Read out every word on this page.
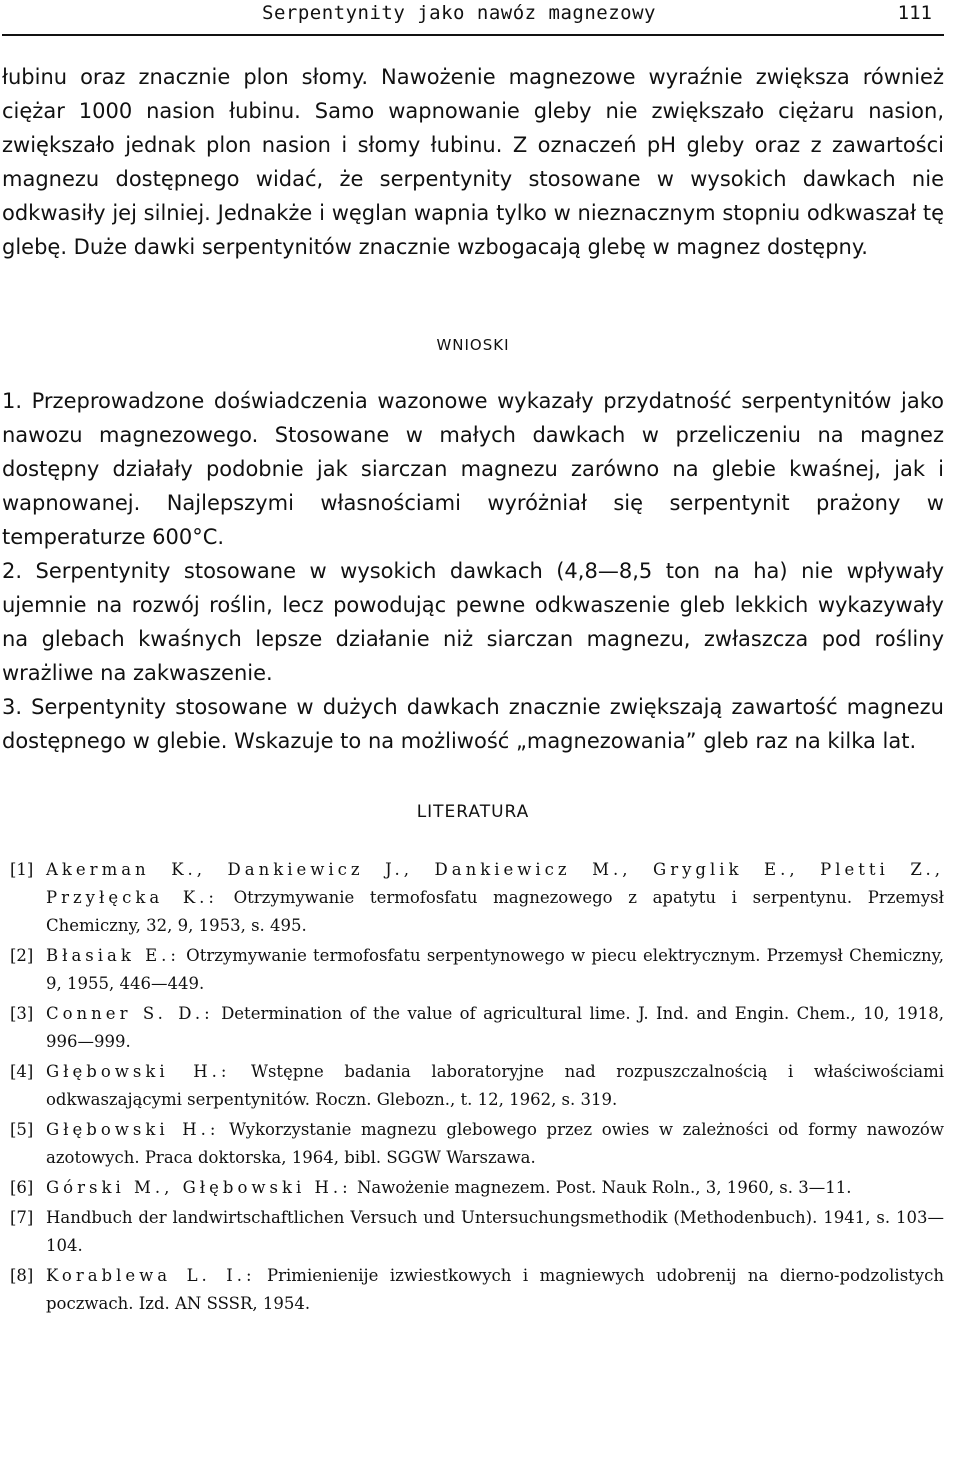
Serpentynity jako nawóz magnezowy	111

łubinu oraz znacznie plon słomy. Nawożenie magnezowe wyraźnie zwiększa również ciężar 1000 nasion łubinu. Samo wapnowanie gleby nie zwiększało ciężaru nasion, zwiększało jednak plon nasion i słomy łubinu. Z oznaczeń pH gleby oraz z zawartości magnezu dostępnego widać, że serpentynity stosowane w wysokich dawkach nie odkwasiły jej silniej. Jednakże i węglan wapnia tylko w nieznacznym stopniu odkwaszał tę glebę. Duże dawki serpentynitów znacznie wzbogacają glebę w magnez dostępny.

WNIOSKI

1. Przeprowadzone doświadczenia wazonowe wykazały przydatność serpentynitów jako nawozu magnezowego. Stosowane w małych dawkach w przeliczeniu na magnez dostępny działały podobnie jak siarczan magnezu zarówno na glebie kwaśnej, jak i wapnowanej. Najlepszymi własnościami wyróżniał się serpentynit prażony w temperaturze 600°C.

2. Serpentynity stosowane w wysokich dawkach (4,8—8,5 ton na ha) nie wpływały ujemnie na rozwój roślin, lecz powodując pewne odkwaszenie gleb lekkich wykazywały na glebach kwaśnych lepsze działanie niż siarczan magnezu, zwłaszcza pod rośliny wrażliwe na zakwaszenie.

3. Serpentynity stosowane w dużych dawkach znacznie zwiększają zawartość magnezu dostępnego w glebie. Wskazuje to na możliwość „magnezowania” gleb raz na kilka lat.

LITERATURA
[1] Akerman K., Dankiewicz J., Dankiewicz M., Gryglik E., Pletti Z., Przyłęcka K.: Otrzymywanie termofosfatu magnezowego z apatytu i serpentynu. Przemysł Chemiczny, 32, 9, 1953, s. 495.
[2] Błasiak E.: Otrzymywanie termofosfatu serpentynowego w piecu elektrycznym. Przemysł Chemiczny, 9, 1955, 446—449.
[3] Conner S. D.: Determination of the value of agricultural lime. J. Ind. and Engin. Chem., 10, 1918, 996—999.
[4] Głębowski H.: Wstępne badania laboratoryjne nad rozpuszczalnością i właściwościami odkwaszającymi serpentynitów. Roczn. Glebozn., t. 12, 1962, s. 319.
[5] Głębowski H.: Wykorzystanie magnezu glebowego przez owies w zależności od formy nawozów azotowych. Praca doktorska, 1964, bibl. SGGW Warszawa.
[6] Górski M., Głębowski H.: Nawożenie magnezem. Post. Nauk Roln., 3, 1960, s. 3—11.
[7] Handbuch der landwirtschaftlichen Versuch und Untersuchungsmethodik (Methodenbuch). 1941, s. 103—104.
[8] Korablewa L. I.: Primienienije izwiestkowych i magniewych udobrenij na dierno-podzolistych poczwach. Izd. AN SSSR, 1954.
